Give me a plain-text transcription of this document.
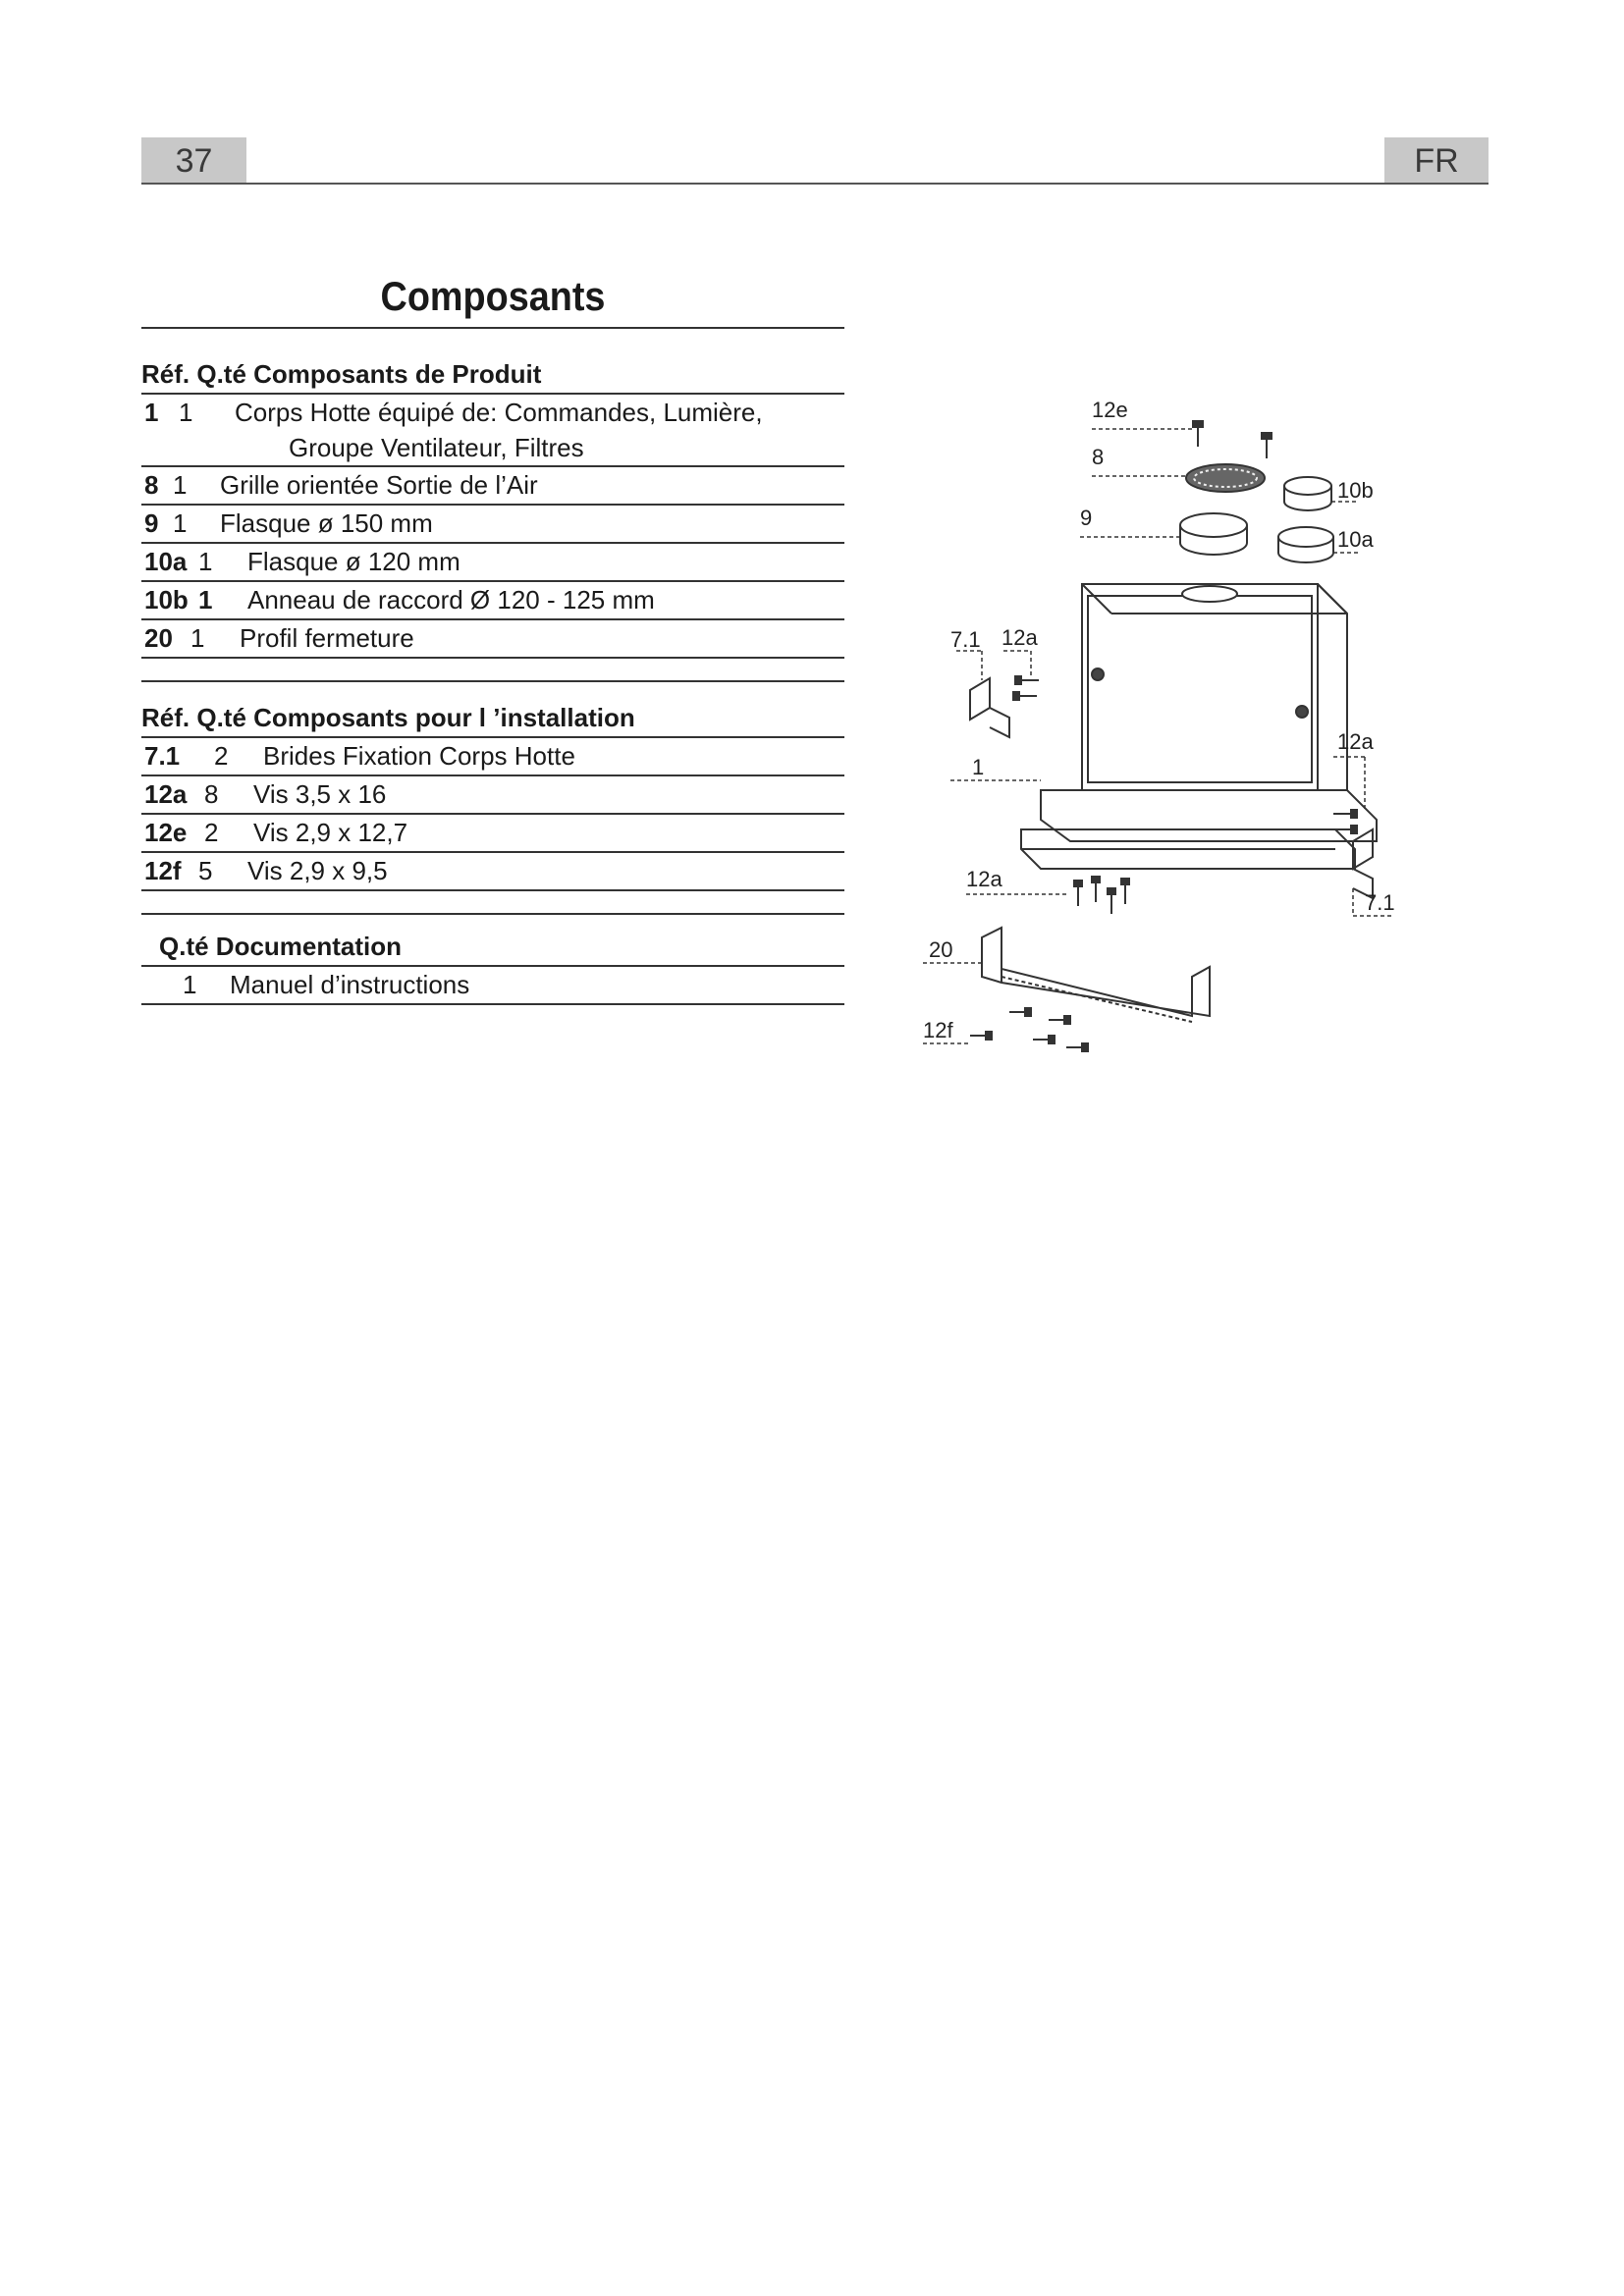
37	FR
Composants
Réf. Q.té Composants de Produit
1 1 Corps Hotte équipé de: Commandes, Lumière,
Groupe Ventilateur, Filtres
8 1 Grille orientée Sortie de l’Air
9 1 Flasque ø 150 mm
10a 1 Flasque ø 120 mm
10b 1 Anneau de raccord Ø 120 - 125 mm
20 1 Profil fermeture
Réf. Q.té Composants pour l ’installation
7.1 2 Brides Fixation Corps Hotte
12a 8 Vis 3,5 x 16
12e 2 Vis 2,9 x 12,7
12f 5 Vis 2,9 x 9,5
Q.té Documentation
1 Manuel d’instructions
12e
8
10b
9
10a
7.1 12a
12a
1
12a
7.1
20
12f
